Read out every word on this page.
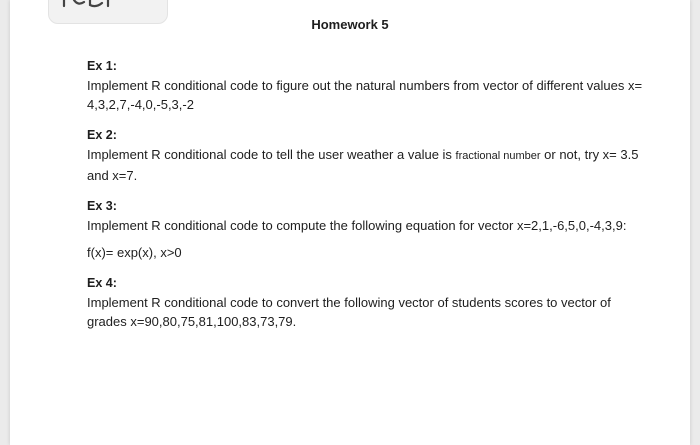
Homework 5

Ex 1:

Implement R conditional code to figure out the natural numbers from vector of different values x= 4,3,2,7,-4,0,-5,3,-2

Ex 2:

Implement R conditional code to tell the user weather a value is fractional number or not, try x= 3.5 and x=7.

Ex 3:

Implement R conditional code to compute the following equation for vector x=2,1,-6,5,0,-4,3,9:

f(x)= exp(x), x>0

Ex 4:

Implement R conditional code to convert the following vector of students scores to vector of grades x=90,80,75,81,100,83,73,79.
